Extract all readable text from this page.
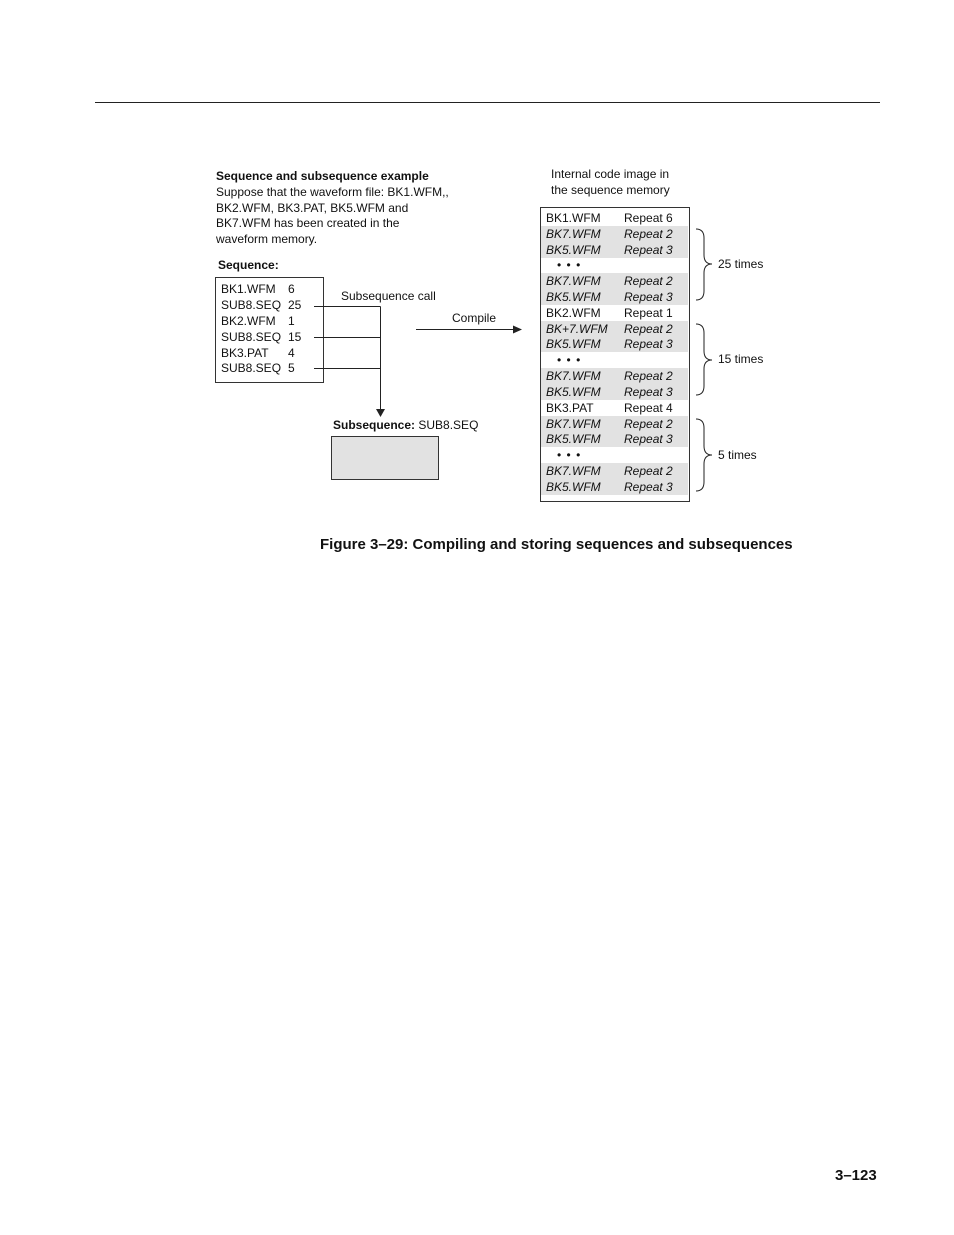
Sequence and subsequence example
Suppose that the waveform file: BK1.WFM,,
BK2.WFM, BK3.PAT, BK5.WFM and
BK7.WFM has been created in the
waveform memory.
Sequence:
BK1.WFM 6
SUB8.SEQ 25
BK2.WFM 1
SUB8.SEQ 15
BK3.PAT 4
SUB8.SEQ 5
Subsequence call
Compile
Subsequence: SUB8.SEQ
Internal code image in
the sequence memory
BK1.WFM Repeat 6
BK7.WFM Repeat 2
BK5.WFM Repeat 3
• • •
BK7.WFM Repeat 2
BK5.WFM Repeat 3
BK2.WFM Repeat 1
BK+7.WFM Repeat 2
BK5.WFM Repeat 3
• • •
BK7.WFM Repeat 2
BK5.WFM Repeat 3
BK3.PAT	Repeat 4
BK7.WFM Repeat 2
BK5.WFM Repeat 3
• • •
BK7.WFM Repeat 2
BK5.WFM Repeat 3
25 times
15 times
5 times
Figure 3–29: Compiling and storing sequences and subsequences
3–123
